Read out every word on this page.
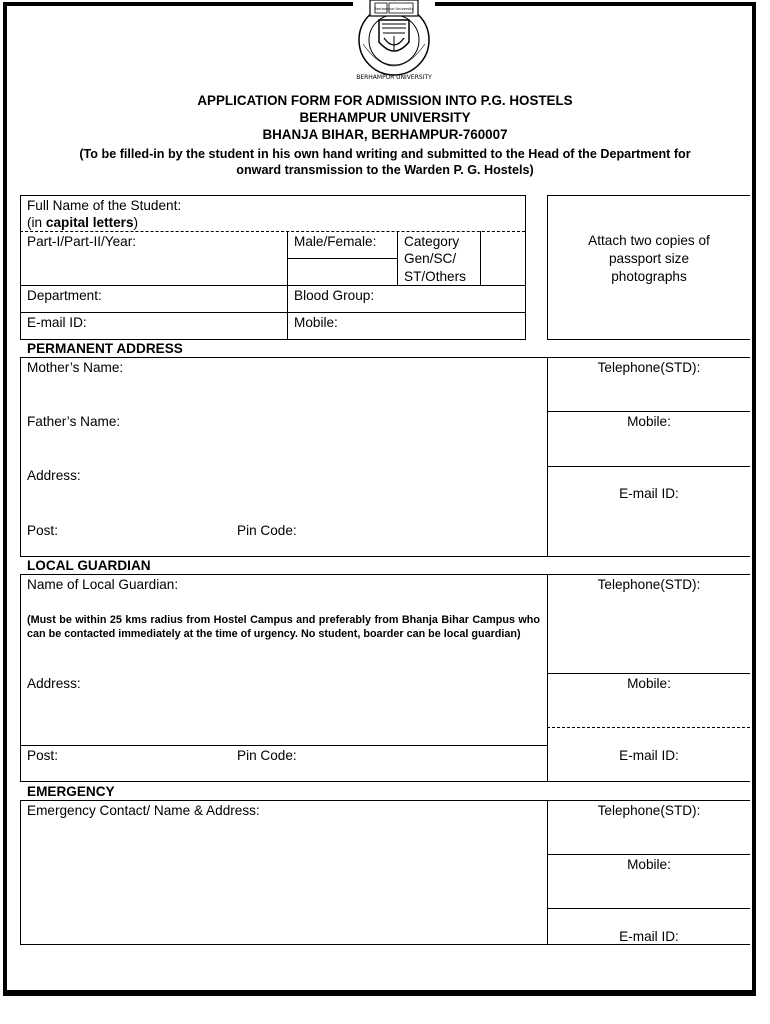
BERHAMPUR UNIVERSITY
Berhampur University
APPLICATION FORM FOR ADMISSION INTO P.G. HOSTELS
BERHAMPUR UNIVERSITY
BHANJA BIHAR, BERHAMPUR-760007
(To be filled-in by the student in his own hand writing and submitted to the Head of the Department for
onward transmission to the Warden P. G. Hostels)
Full Name of the Student:
(in capital letters)
Part-I/Part-II/Year:	Male/Female: Category
Gen/SC/
ST/Others
Department:	Blood Group:
E-mail ID:	Mobile:
Attach two copies of
passport size
photographs
PERMANENT ADDRESS
Mother’s Name:
Father’s Name:
Address:
Post:	Pin Code:
Telephone(STD):
Mobile:
E-mail ID:
LOCAL GUARDIAN
Name of Local Guardian:
(Must be within 25 kms radius from Hostel Campus and preferably from Bhanja Bihar Campus who can be contacted immediately at the time of urgency. No student, boarder can be local guardian)
Address:
Post:	Pin Code:
Telephone(STD):
Mobile:
E-mail ID:
EMERGENCY
Emergency Contact/ Name & Address:	Telephone(STD):
Mobile:
E-mail ID:
